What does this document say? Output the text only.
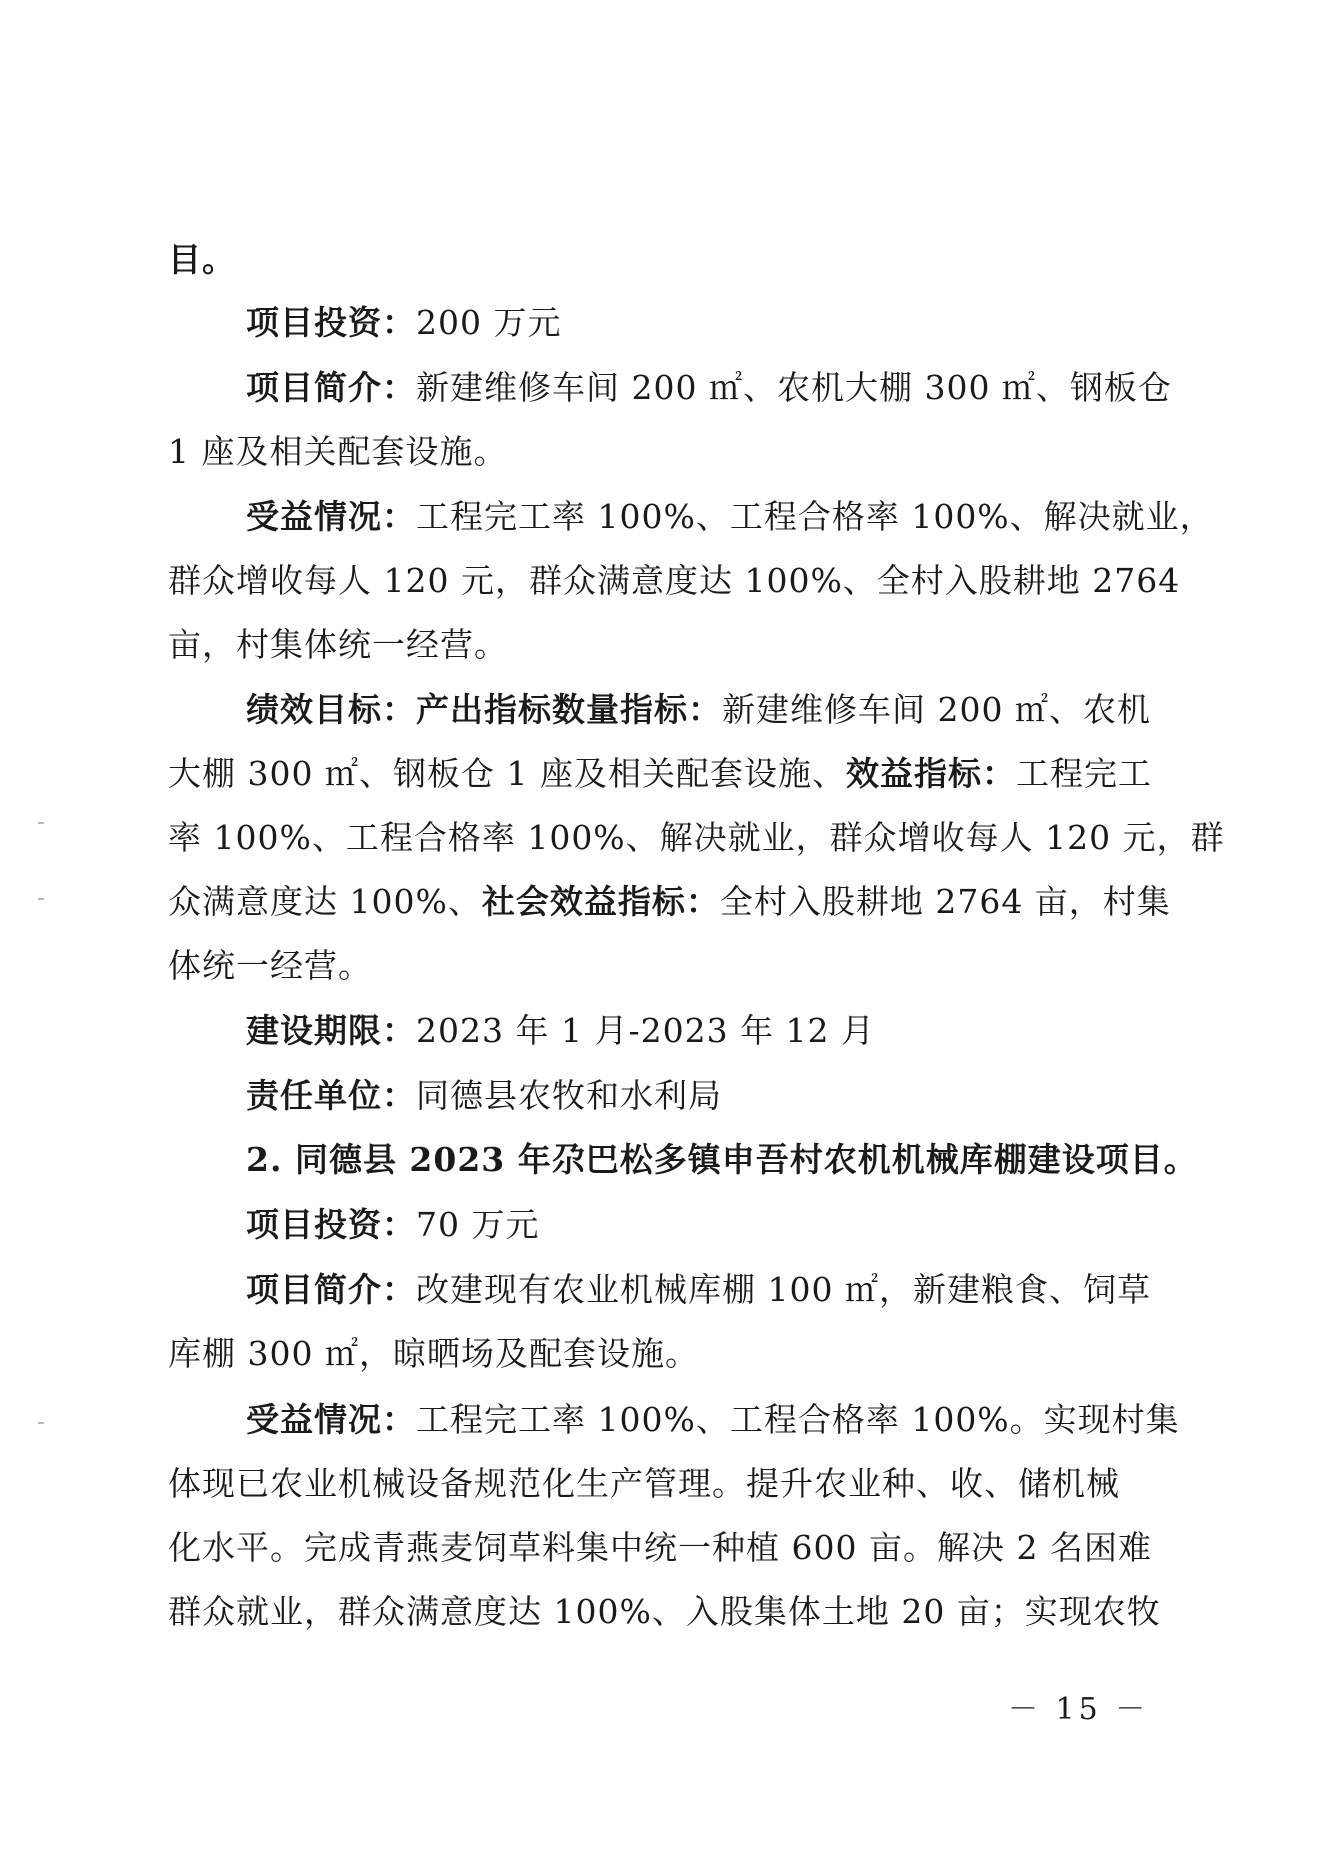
目。
项目投资：200 万元
项目简介：新建维修车间 200 ㎡、农机大棚 300 ㎡、钢板仓
1 座及相关配套设施。
受益情况：工程完工率 100%、工程合格率 100%、解决就业，
群众增收每人 120 元，群众满意度达 100%、全村入股耕地 2764
亩，村集体统一经营。
绩效目标：产出指标数量指标：新建维修车间 200 ㎡、农机
大棚 300 ㎡、钢板仓 1 座及相关配套设施、效益指标：工程完工
率 100%、工程合格率 100%、解决就业，群众增收每人 120 元，群
众满意度达 100%、社会效益指标：全村入股耕地 2764 亩，村集
体统一经营。
建设期限：2023 年 1 月-2023 年 12 月
责任单位：同德县农牧和水利局
2. 同德县 2023 年尕巴松多镇申吾村农机机械库棚建设项目。
项目投资：70 万元
项目简介：改建现有农业机械库棚 100 ㎡，新建粮食、饲草
库棚 300 ㎡，晾晒场及配套设施。
受益情况：工程完工率 100%、工程合格率 100%。实现村集
体现已农业机械设备规范化生产管理。提升农业种、收、储机械
化水平。完成青燕麦饲草料集中统一种植 600 亩。解决 2 名困难
群众就业，群众满意度达 100%、入股集体土地 20 亩；实现农牧
－ 15 －
